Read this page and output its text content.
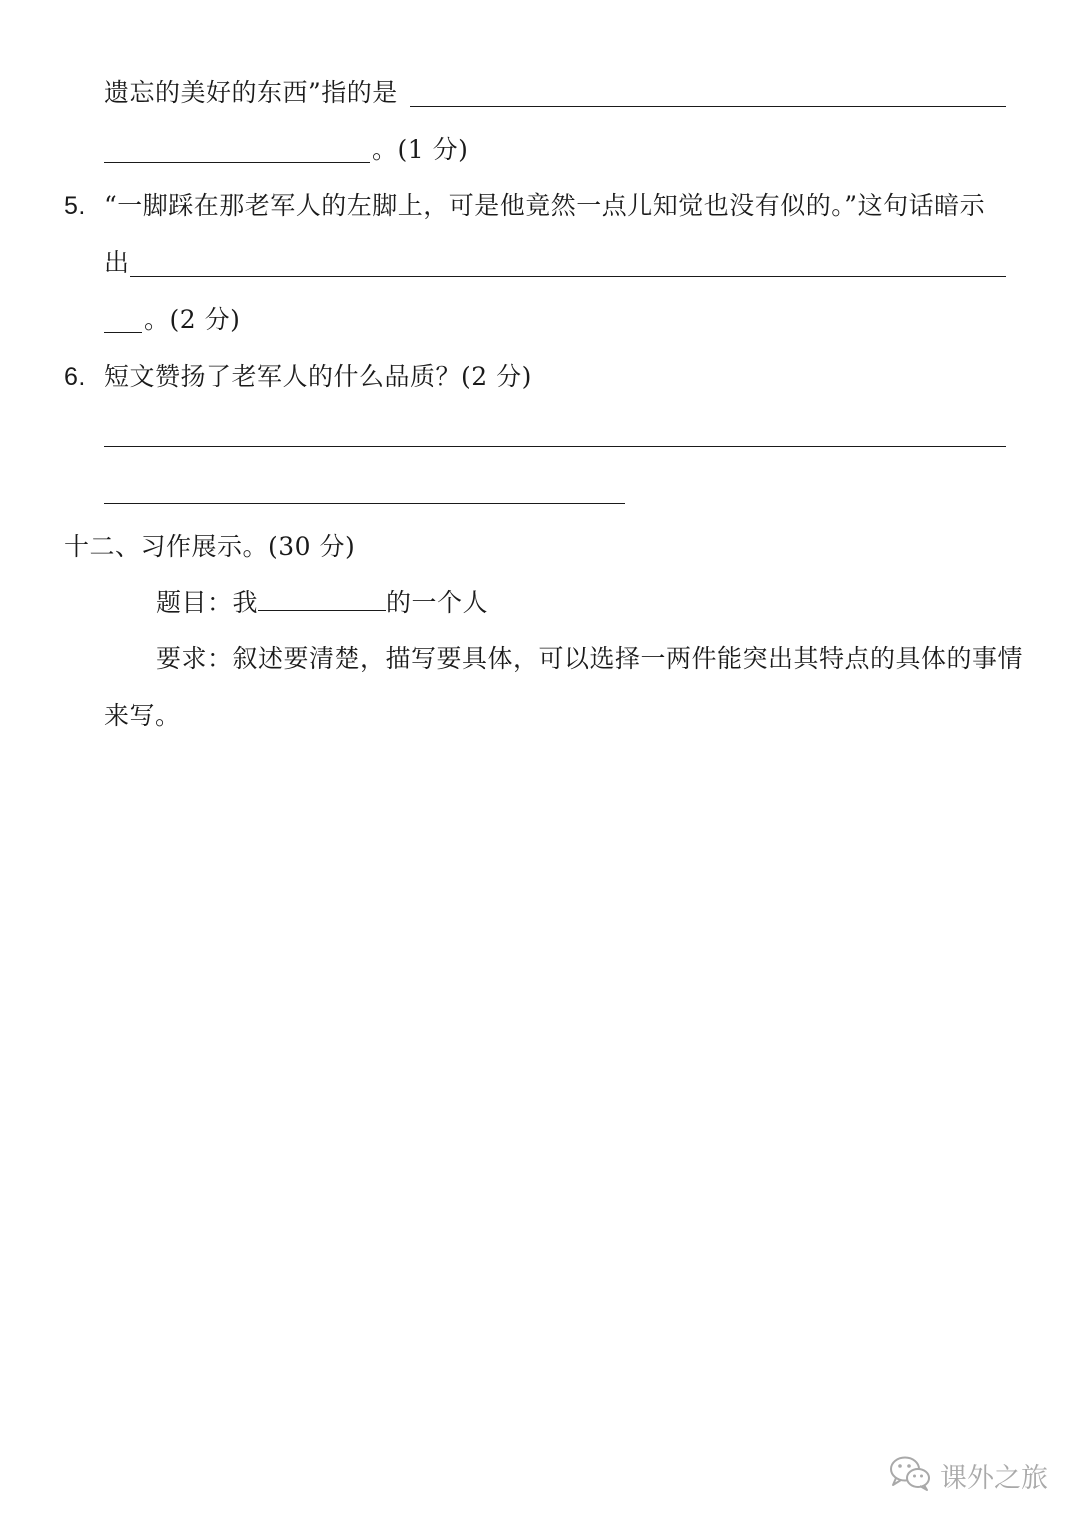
遗忘的美好的东西”指的是
。(1 分)
5. “一脚踩在那老军人的左脚上，可是他竟然一点儿知觉也没有似的。”这句话暗示
出
。(2 分)
6. 短文赞扬了老军人的什么品质？(2 分)
十二、习作展示。(30 分)
题目：我	的一个人
要求：叙述要清楚，描写要具体，可以选择一两件能突出其特点的具体的事情
来写。
课外之旅
